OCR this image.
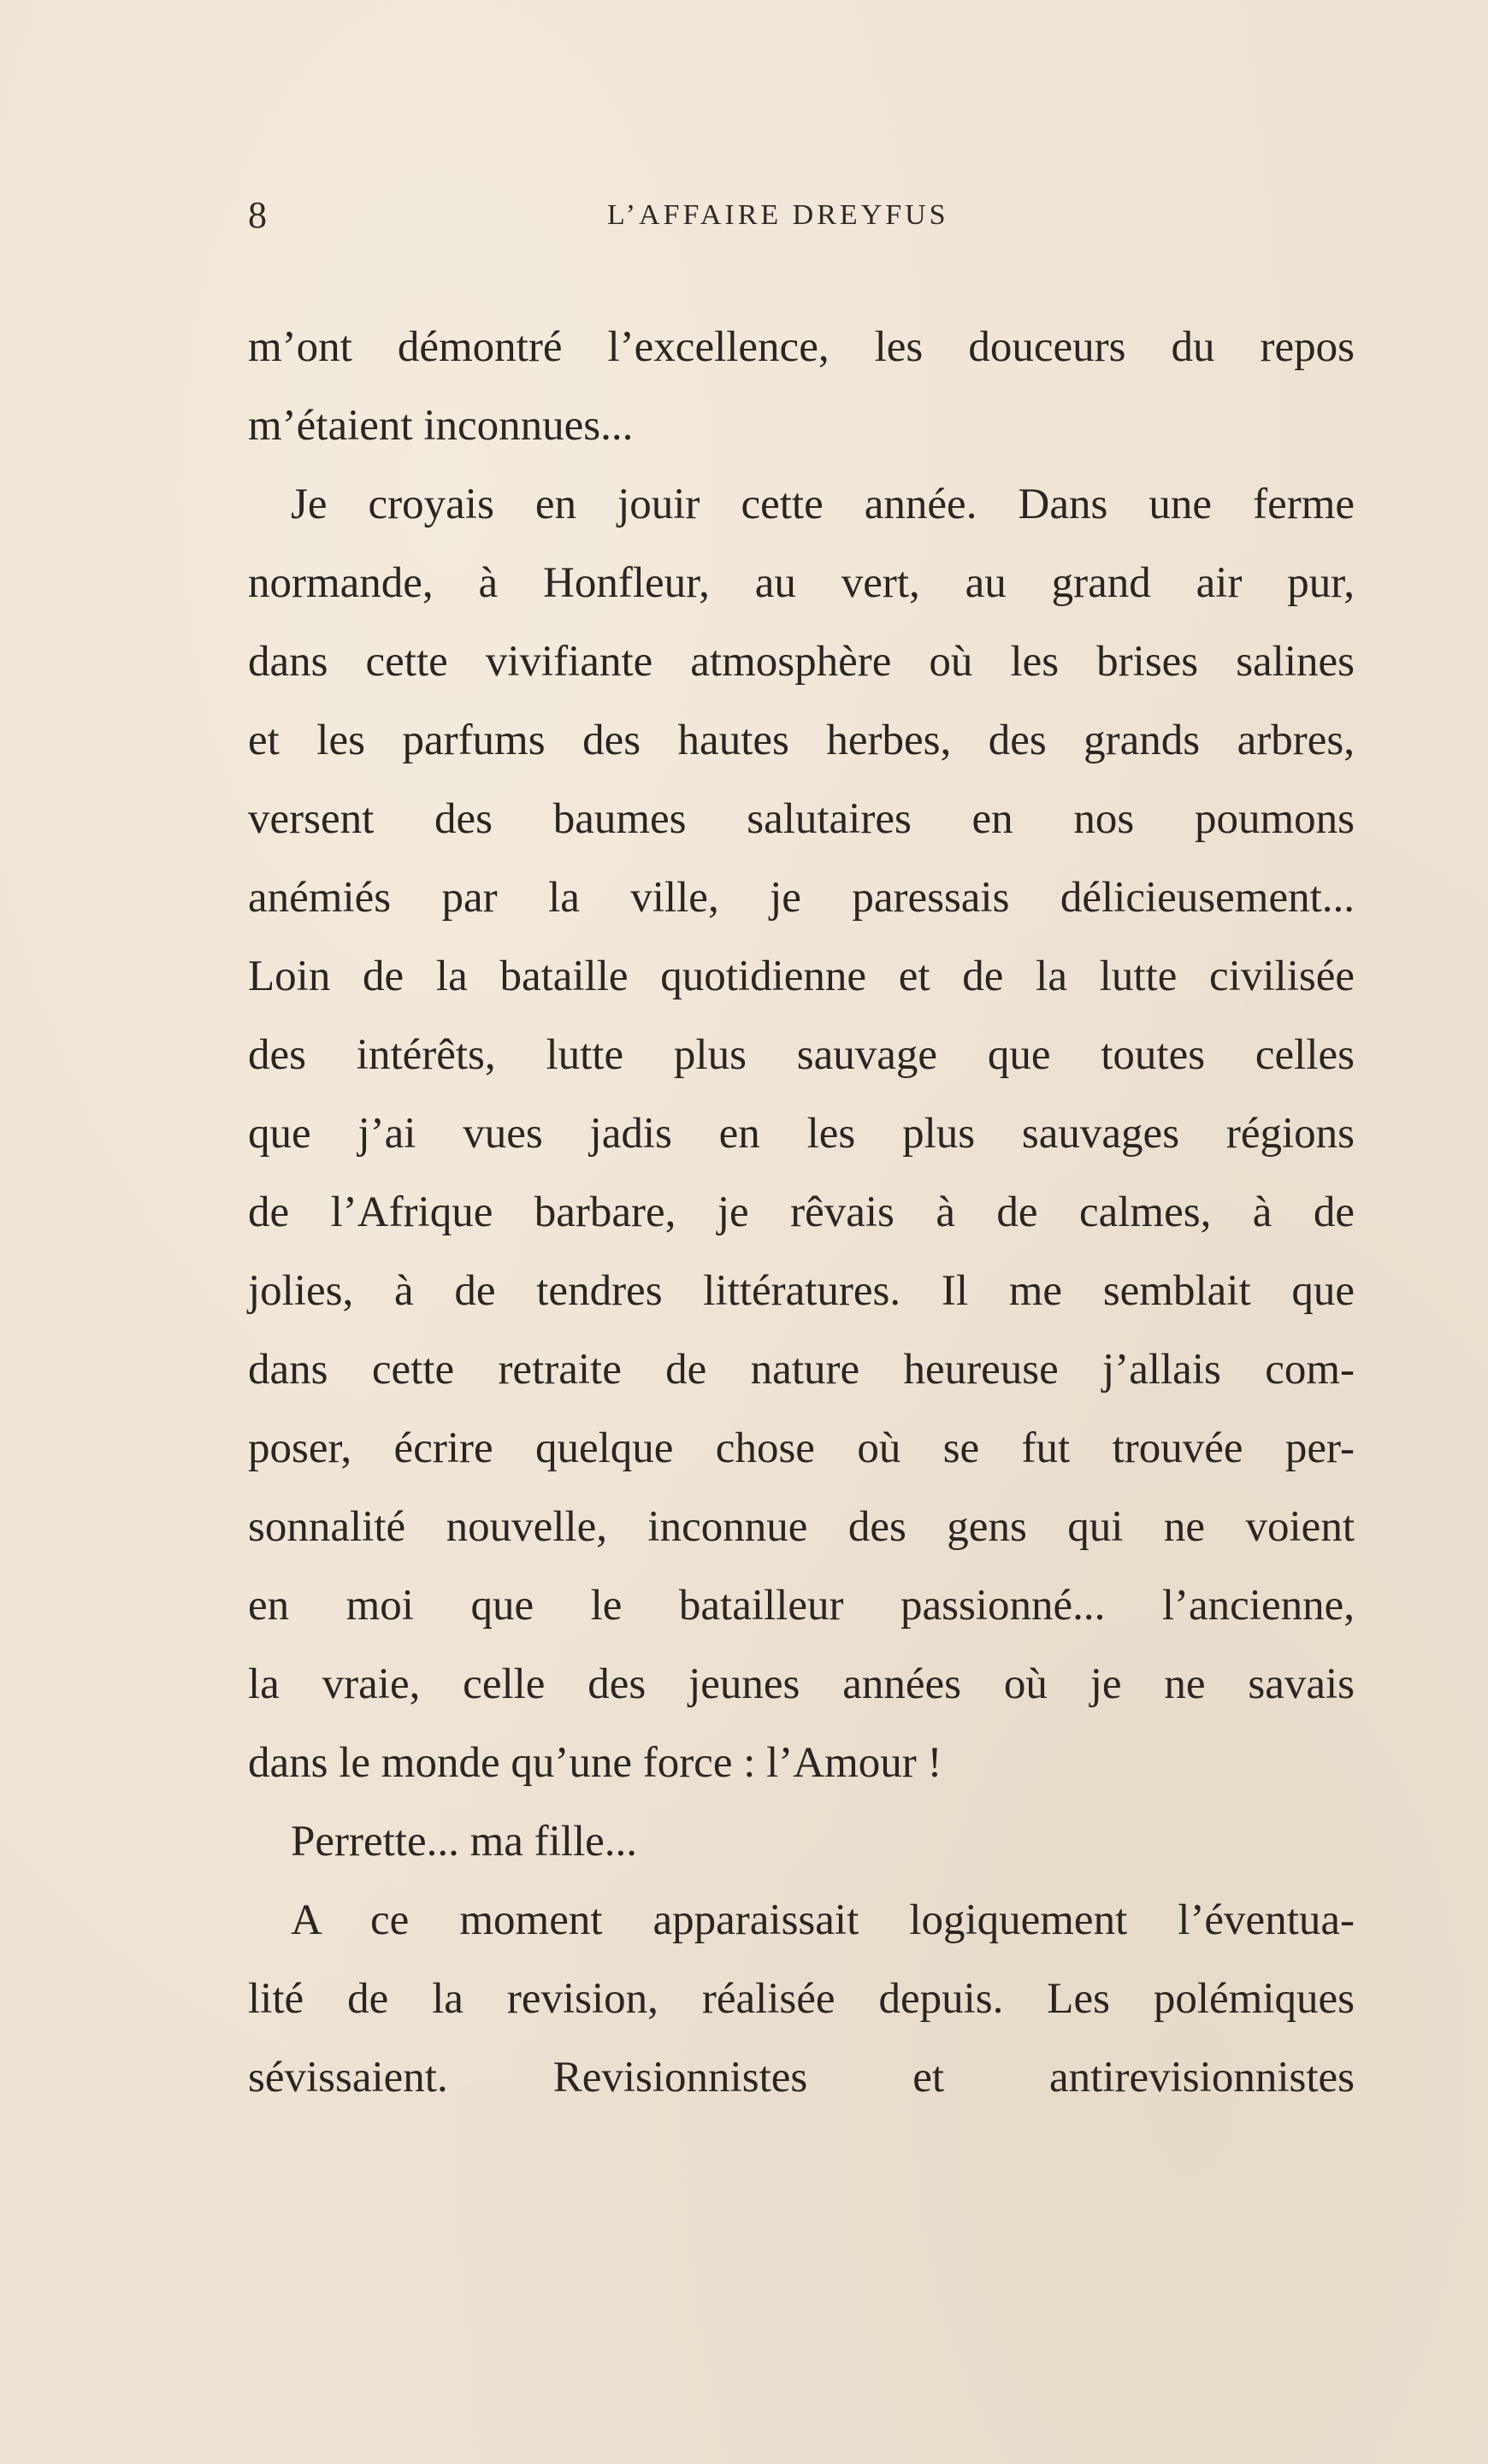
8	L’AFFAIRE DREYFUS
m’ont démontré l’excellence, les douceurs du repos
m’étaient inconnues...
Je croyais en jouir cette année. Dans une ferme
normande, à Honfleur, au vert, au grand air pur,
dans cette vivifiante atmosphère où les brises salines
et les parfums des hautes herbes, des grands arbres,
versent des baumes salutaires en nos poumons
anémiés par la ville, je paressais délicieusement...
Loin de la bataille quotidienne et de la lutte civilisée
des intérêts, lutte plus sauvage que toutes celles
que j’ai vues jadis en les plus sauvages régions
de l’Afrique barbare, je rêvais à de calmes, à de
jolies, à de tendres littératures. Il me semblait que
dans cette retraite de nature heureuse j’allais com-
poser, écrire quelque chose où se fut trouvée per-
sonnalité nouvelle, inconnue des gens qui ne voient
en moi que le batailleur passionné... l’ancienne,
la vraie, celle des jeunes années où je ne savais
dans le monde qu’une force : l’Amour !
Perrette... ma fille...
A ce moment apparaissait logiquement l’éventua-
lité de la revision, réalisée depuis. Les polémiques
sévissaient. Revisionnistes et antirevisionnistes
